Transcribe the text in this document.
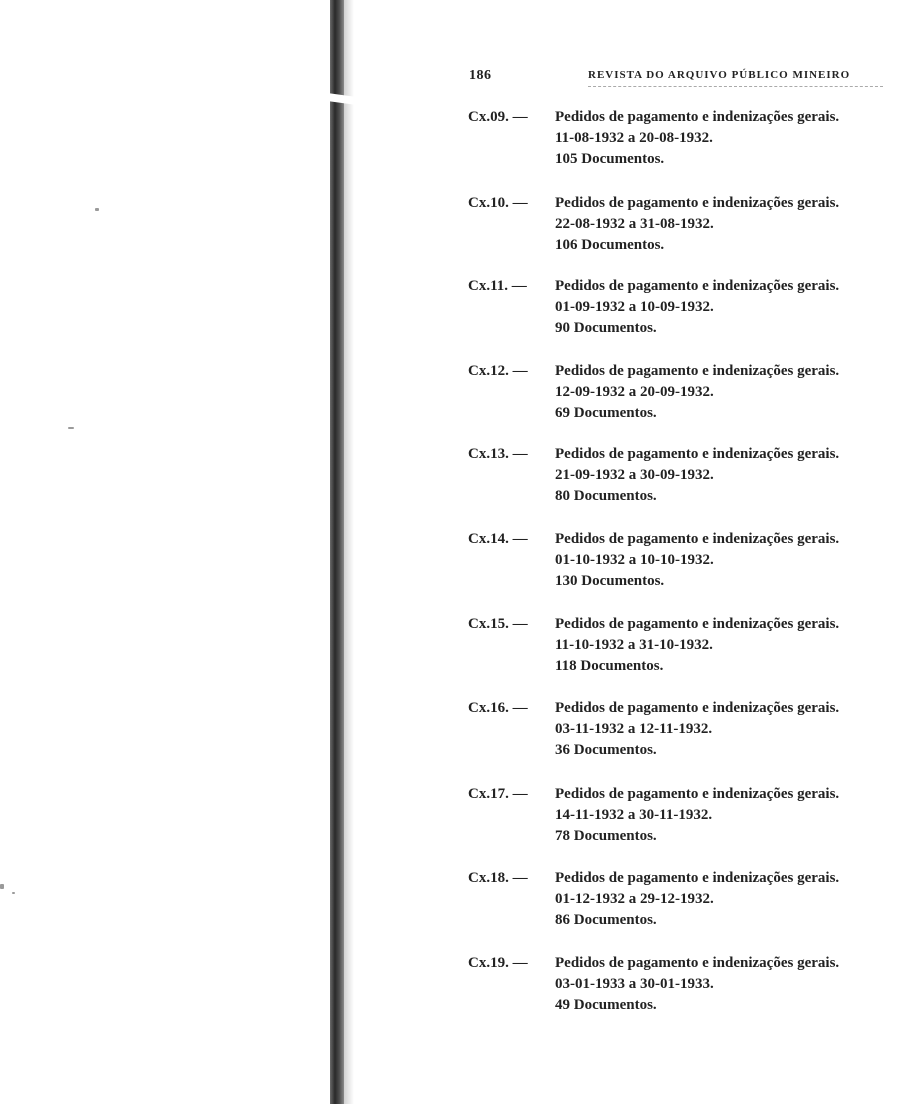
186	REVISTA DO ARQUIVO PÚBLICO MINEIRO
Cx.09. — Pedidos de pagamento e indenizações gerais.
11-08-1932 a 20-08-1932.
105 Documentos.
Cx.10. — Pedidos de pagamento e indenizações gerais.
22-08-1932 a 31-08-1932.
106 Documentos.
Cx.11. — Pedidos de pagamento e indenizações gerais.
01-09-1932 a 10-09-1932.
90 Documentos.
Cx.12. — Pedidos de pagamento e indenizações gerais.
12-09-1932 a 20-09-1932.
69 Documentos.
Cx.13. — Pedidos de pagamento e indenizações gerais.
21-09-1932 a 30-09-1932.
80 Documentos.
Cx.14. — Pedidos de pagamento e indenizações gerais.
01-10-1932 a 10-10-1932.
130 Documentos.
Cx.15. — Pedidos de pagamento e indenizações gerais.
11-10-1932 a 31-10-1932.
118 Documentos.
Cx.16. — Pedidos de pagamento e indenizações gerais.
03-11-1932 a 12-11-1932.
36 Documentos.
Cx.17. — Pedidos de pagamento e indenizações gerais.
14-11-1932 a 30-11-1932.
78 Documentos.
Cx.18. — Pedidos de pagamento e indenizações gerais.
01-12-1932 a 29-12-1932.
86 Documentos.
Cx.19. — Pedidos de pagamento e indenizações gerais.
03-01-1933 a 30-01-1933.
49 Documentos.
